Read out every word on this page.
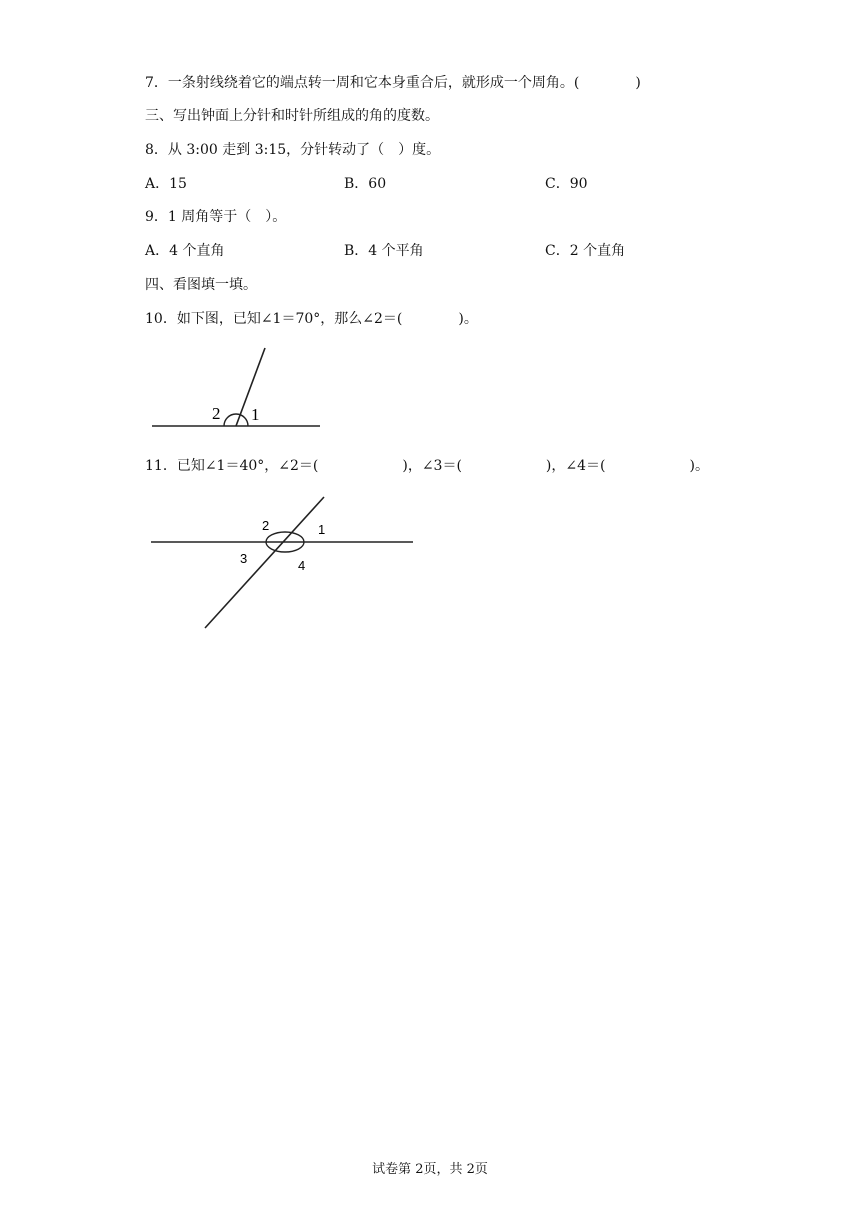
7．一条射线绕着它的端点转一周和它本身重合后，就形成一个周角。(　　　　)
三、写出钟面上分针和时针所组成的角的度数。
8．从 3:00 走到 3:15，分针转动了（　）度。
A．15	B．60	C．90
9．1 周角等于（　）。
A．4 个直角	B．4 个平角	C．2 个直角
四、看图填一填。
10．如下图，已知∠1＝70°，那么∠2＝(　　　　)。
2 1
11．已知∠1＝40°，∠2＝(　　　　　　)，∠3＝(　　　　　　)，∠4＝(　　　　　　)。
2	1
3	4
试卷第 2页，共 2页
